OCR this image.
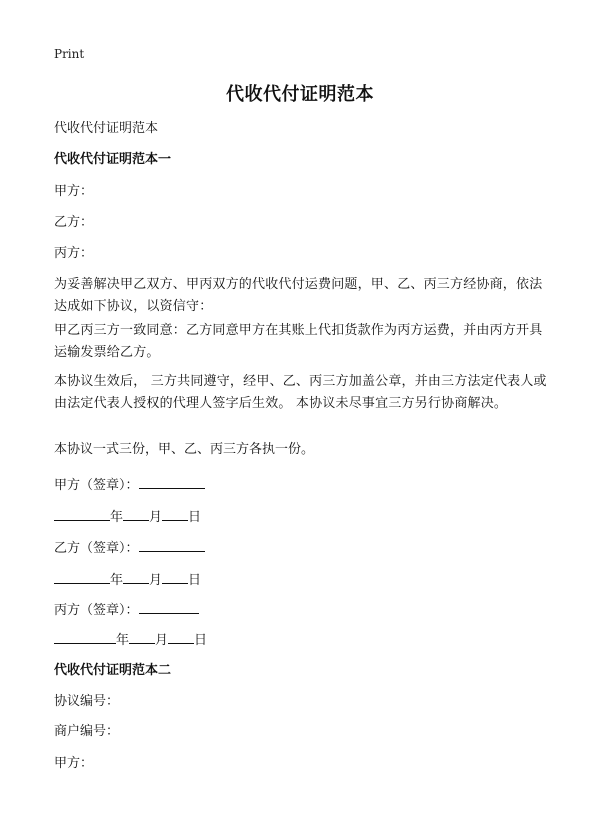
Print
代收代付证明范本
代收代付证明范本
代收代付证明范本一
甲方：
乙方：
丙方：
为妥善解决甲乙双方、甲丙双方的代收代付运费问题，甲、乙、丙三方经协商，依法达成如下协议，以资信守：
甲乙丙三方一致同意：乙方同意甲方在其账上代扣货款作为丙方运费，并由丙方开具运输发票给乙方。
本协议生效后， 三方共同遵守，经甲、乙、丙三方加盖公章，并由三方法定代表人或由法定代表人授权的代理人签字后生效。 本协议未尽事宜三方另行协商解决。
本协议一式三份，甲、乙、丙三方各执一份。
甲方（签章）：
年 月 日
乙方（签章）：
年 月 日
丙方（签章）：
年 月 日
代收代付证明范本二
协议编号：
商户编号：
甲方：
